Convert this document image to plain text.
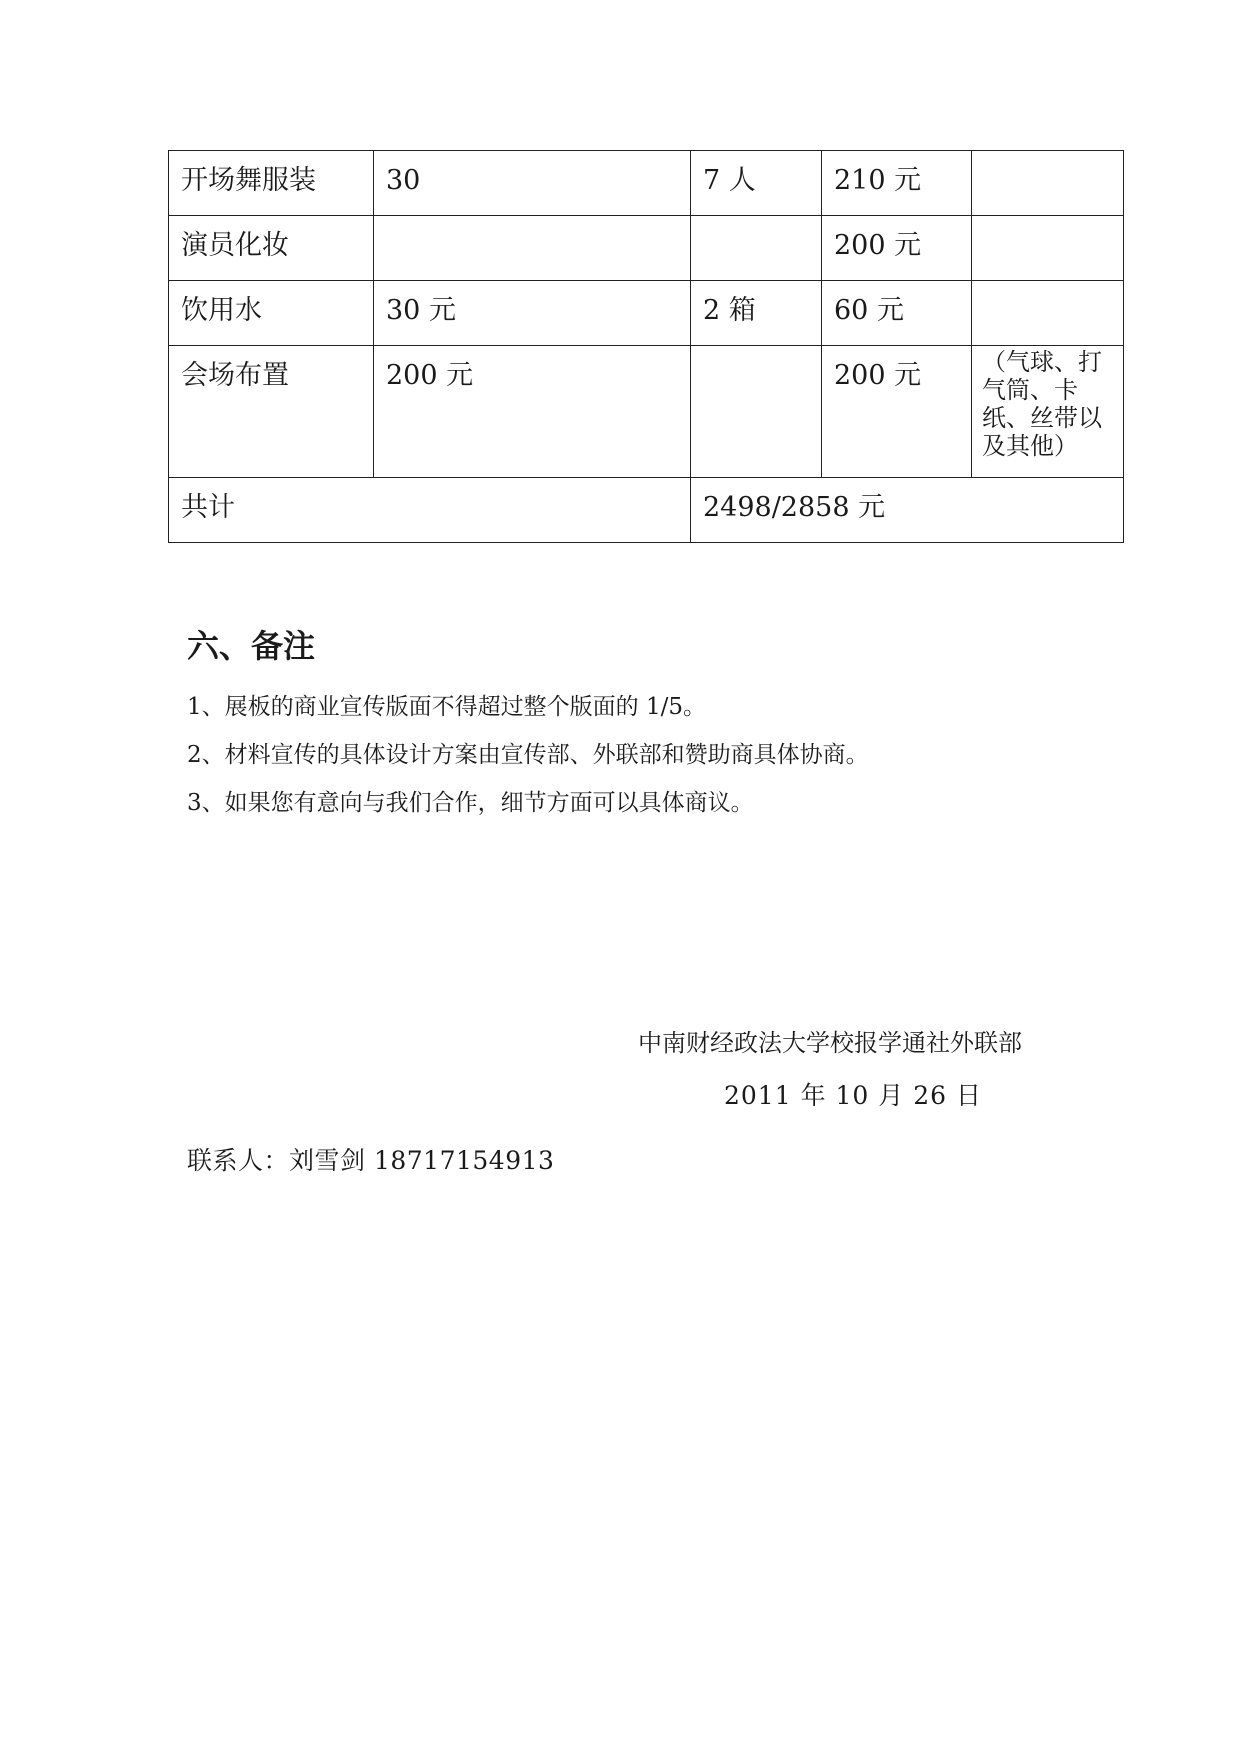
开场舞服装	30	7 人	210 元	
演员化妆			200 元	
饮用水	30 元	2 箱	60 元	
会场布置	200 元		200 元	（气球、打气筒、卡纸、丝带以及其他）
共计		2498/2858 元		
六、备注
1、展板的商业宣传版面不得超过整个版面的 1/5。
2、材料宣传的具体设计方案由宣传部、外联部和赞助商具体协商。
3、如果您有意向与我们合作，细节方面可以具体商议。
中南财经政法大学校报学通社外联部
2011 年 10 月 26 日
联系人：刘雪剑 18717154913
